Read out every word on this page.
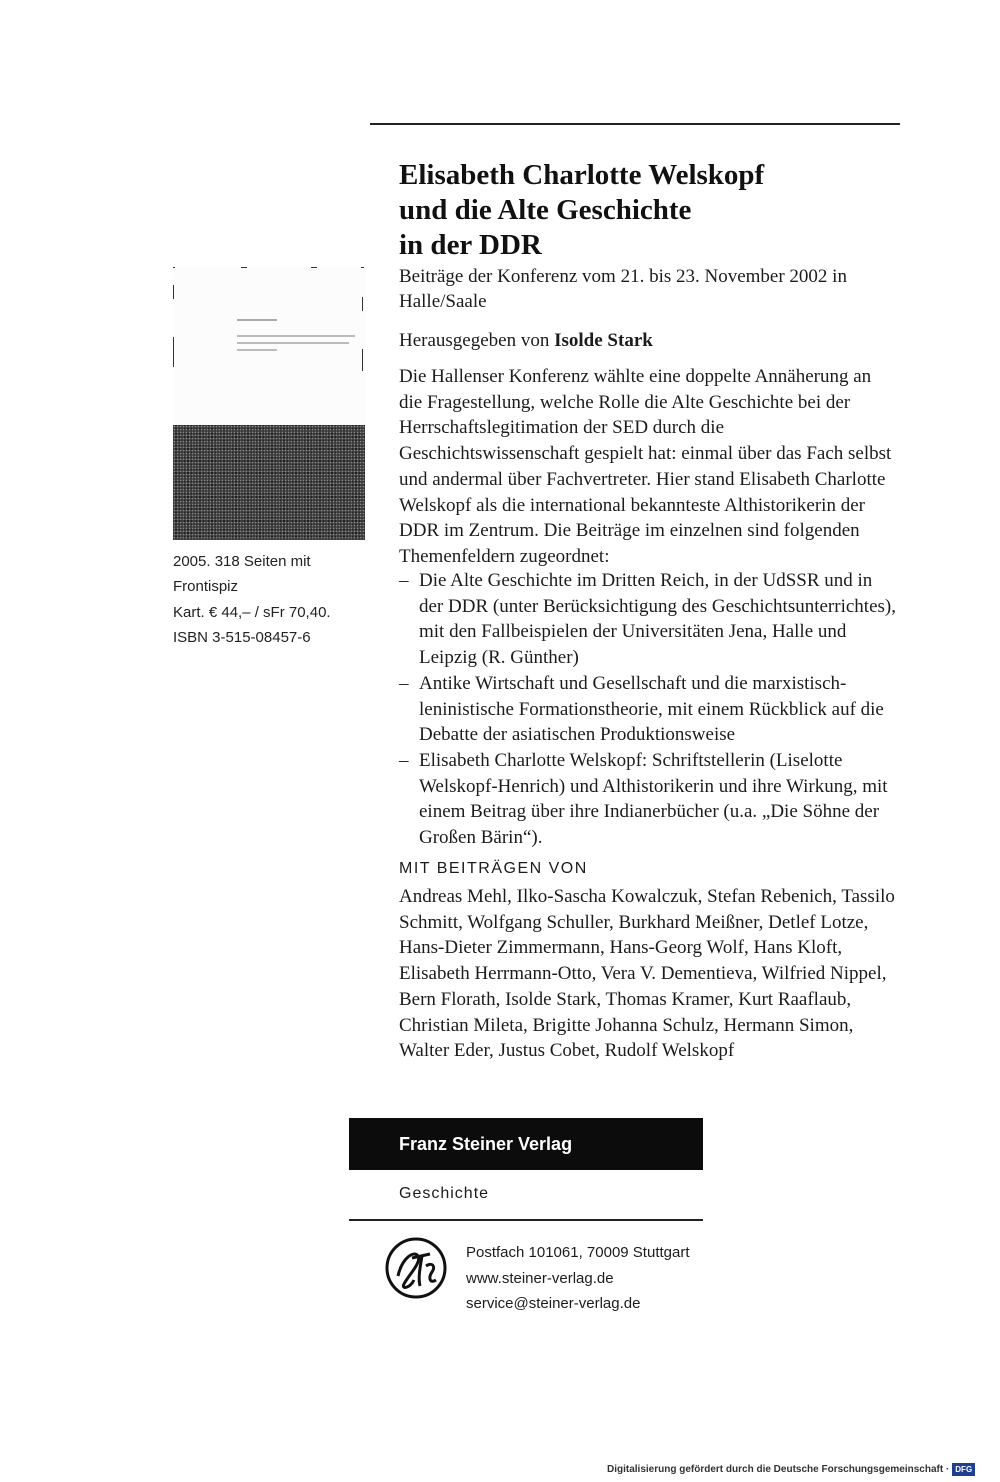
Elisabeth Charlotte Welskopf
und die Alte Geschichte
in der DDR

Beiträge der Konferenz vom 21. bis 23. November 2002 in Halle/Saale

Herausgegeben von Isolde Stark

Die Hallenser Konferenz wählte eine doppelte Annäherung an die Fragestellung, welche Rolle die Alte Geschichte bei der Herrschaftslegitimation der SED durch die Geschichtswissenschaft gespielt hat: einmal über das Fach selbst und andermal über Fachvertreter. Hier stand Elisabeth Charlotte Welskopf als die international bekannteste Althistorikerin der DDR im Zentrum. Die Beiträge im einzelnen sind folgenden Themenfeldern zugeordnet:

– Die Alte Geschichte im Dritten Reich, in der UdSSR und in der DDR (unter Berücksichtigung des Geschichtsunterrichtes), mit den Fallbeispielen der Universitäten Jena, Halle und Leipzig (R. Günther)
– Antike Wirtschaft und Gesellschaft und die marxistisch-leninistische Formationstheorie, mit einem Rückblick auf die Debatte der asiatischen Produktionsweise
– Elisabeth Charlotte Welskopf: Schriftstellerin (Liselotte Welskopf-Henrich) und Althistorikerin und ihre Wirkung, mit einem Beitrag über ihre Indianerbücher (u.a. „Die Söhne der Großen Bärin“).

MIT BEITRÄGEN VON

Andreas Mehl, Ilko-Sascha Kowalczuk, Stefan Rebenich, Tassilo Schmitt, Wolfgang Schuller, Burkhard Meißner, Detlef Lotze, Hans-Dieter Zimmermann, Hans-Georg Wolf, Hans Kloft, Elisabeth Herrmann-Otto, Vera V. Dementieva, Wilfried Nippel, Bern Florath, Isolde Stark, Thomas Kramer, Kurt Raaflaub, Christian Mileta, Brigitte Johanna Schulz, Hermann Simon, Walter Eder, Justus Cobet, Rudolf Welskopf

2005. 318 Seiten mit
Frontispiz
Kart. € 44,– / sFr 70,40.
ISBN 3-515-08457-6

Franz Steiner Verlag

Geschichte

Postfach 101061, 70009 Stuttgart
www.steiner-verlag.de
service@steiner-verlag.de

Digitalisierung gefördert durch die Deutsche Forschungsgemeinschaft · DFG
